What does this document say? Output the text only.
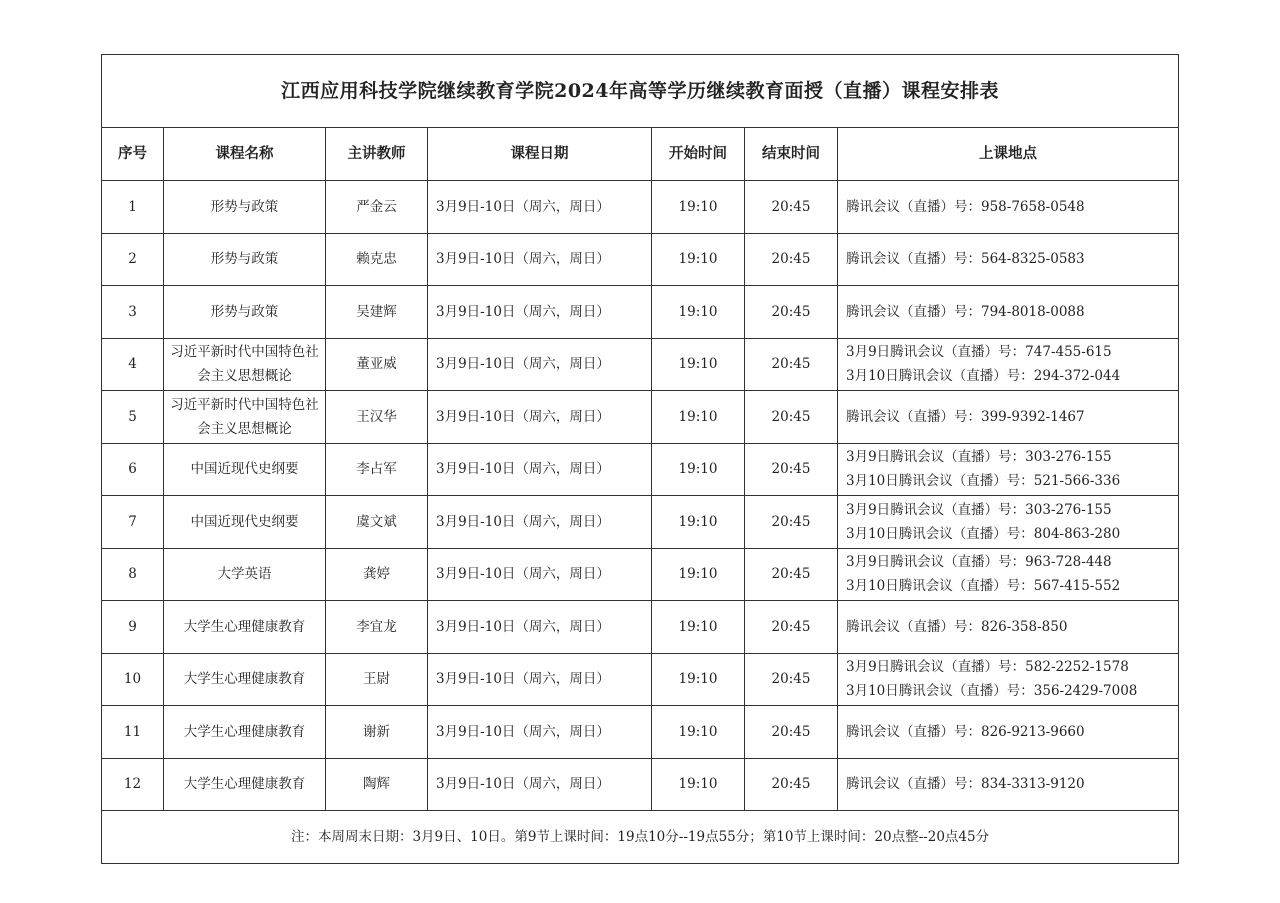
江西应用科技学院继续教育学院2024年高等学历继续教育面授（直播）课程安排表						
序号	课程名称	主讲教师	课程日期	开始时间	结束时间	上课地点
1	形势与政策	严金云	3月9日-10日（周六，周日）	19:10	20:45	腾讯会议（直播）号：958-7658-0548

2	形势与政策	赖克忠	3月9日-10日（周六，周日）	19:10	20:45	腾讯会议（直播）号：564-8325-0583

3	形势与政策	吴建辉	3月9日-10日（周六，周日）	19:10	20:45	腾讯会议（直播）号：794-8018-0088

4	习近平新时代中国特色社会主义思想概论	董亚威	3月9日-10日（周六，周日）	19:10	20:45	3月9日腾讯会议（直播）号：747-455-615
3月10日腾讯会议（直播）号：294-372-044

5	习近平新时代中国特色社会主义思想概论	王汉华	3月9日-10日（周六，周日）	19:10	20:45	腾讯会议（直播）号：399-9392-1467

6	中国近现代史纲要	李占军	3月9日-10日（周六，周日）	19:10	20:45	3月9日腾讯会议（直播）号：303-276-155
3月10日腾讯会议（直播）号：521-566-336

7	中国近现代史纲要	虞文斌	3月9日-10日（周六，周日）	19:10	20:45	3月9日腾讯会议（直播）号：303-276-155
3月10日腾讯会议（直播）号：804-863-280

8	大学英语	龚婷	3月9日-10日（周六，周日）	19:10	20:45	3月9日腾讯会议（直播）号：963-728-448
3月10日腾讯会议（直播）号：567-415-552

9	大学生心理健康教育	李宜龙	3月9日-10日（周六，周日）	19:10	20:45	腾讯会议（直播）号：826-358-850

10	大学生心理健康教育	王尉	3月9日-10日（周六，周日）	19:10	20:45	3月9日腾讯会议（直播）号：582-2252-1578
3月10日腾讯会议（直播）号：356-2429-7008

11	大学生心理健康教育	谢新	3月9日-10日（周六，周日）	19:10	20:45	腾讯会议（直播）号：826-9213-9660

12	大学生心理健康教育	陶辉	3月9日-10日（周六，周日）	19:10	20:45	腾讯会议（直播）号：834-3313-9120

注：本周周末日期：3月9日、10日。第9节上课时间：19点10分--19点55分；第10节上课时间：20点整--20点45分						
